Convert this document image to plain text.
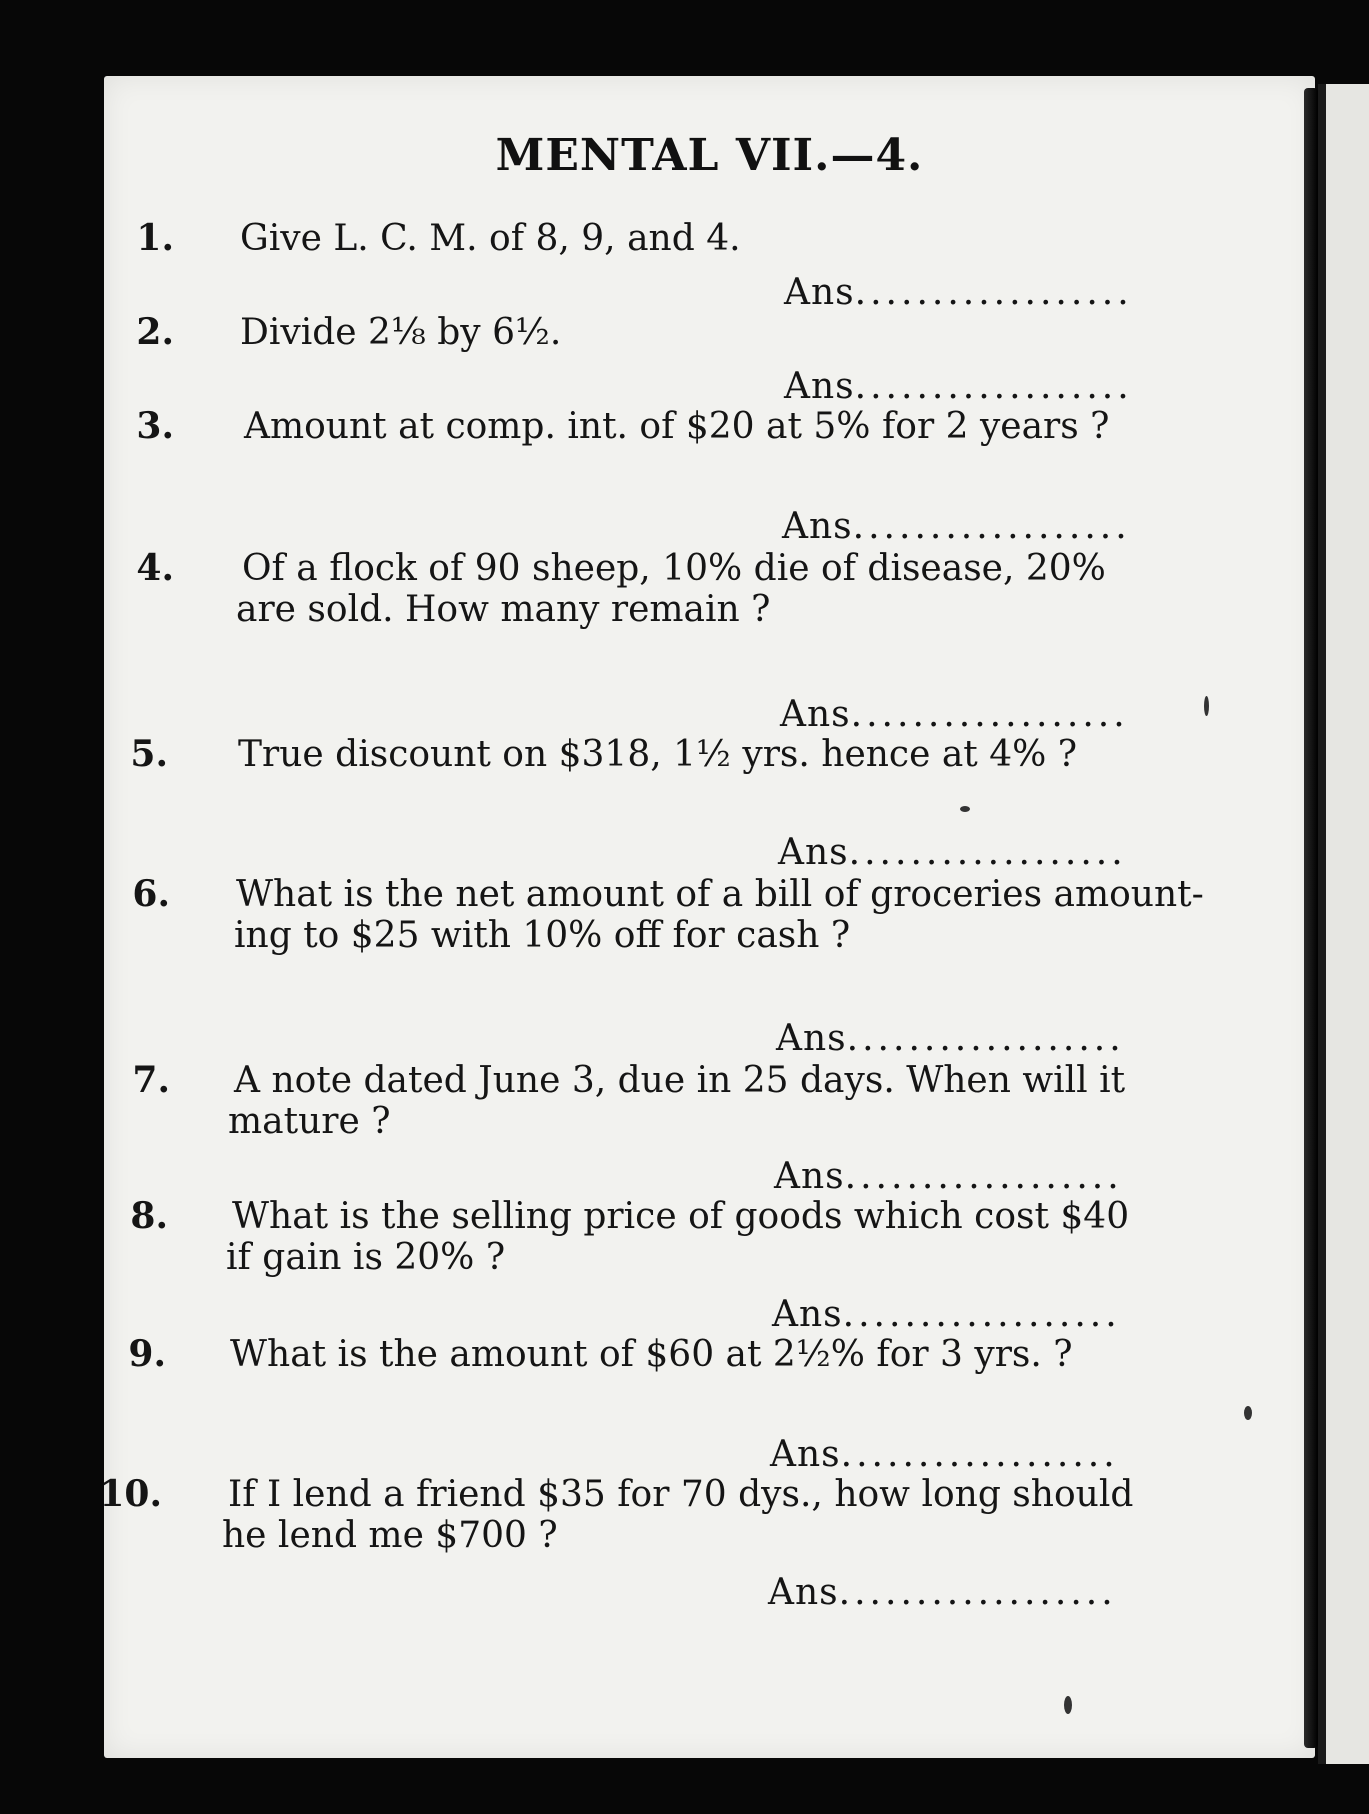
MENTAL VII.—4.
1. Give L. C. M. of 8, 9, and 4.
Ans..................
2. Divide 2⅛ by 6½.
Ans..................
3. Amount at comp. int. of $20 at 5% for 2 years ?
Ans..................
4. Of a flock of 90 sheep, 10% die of disease, 20%
are sold. How many remain ?
Ans..................
5. True discount on $318, 1½ yrs. hence at 4% ?
Ans..................
6. What is the net amount of a bill of groceries amount-
ing to $25 with 10% off for cash ?
Ans..................
7. A note dated June 3, due in 25 days. When will it
mature ?
Ans..................
8. What is the selling price of goods which cost $40
if gain is 20% ?
Ans..................
9. What is the amount of $60 at 2½% for 3 yrs. ?
Ans..................
10. If I lend a friend $35 for 70 dys., how long should
he lend me $700 ?
Ans..................
